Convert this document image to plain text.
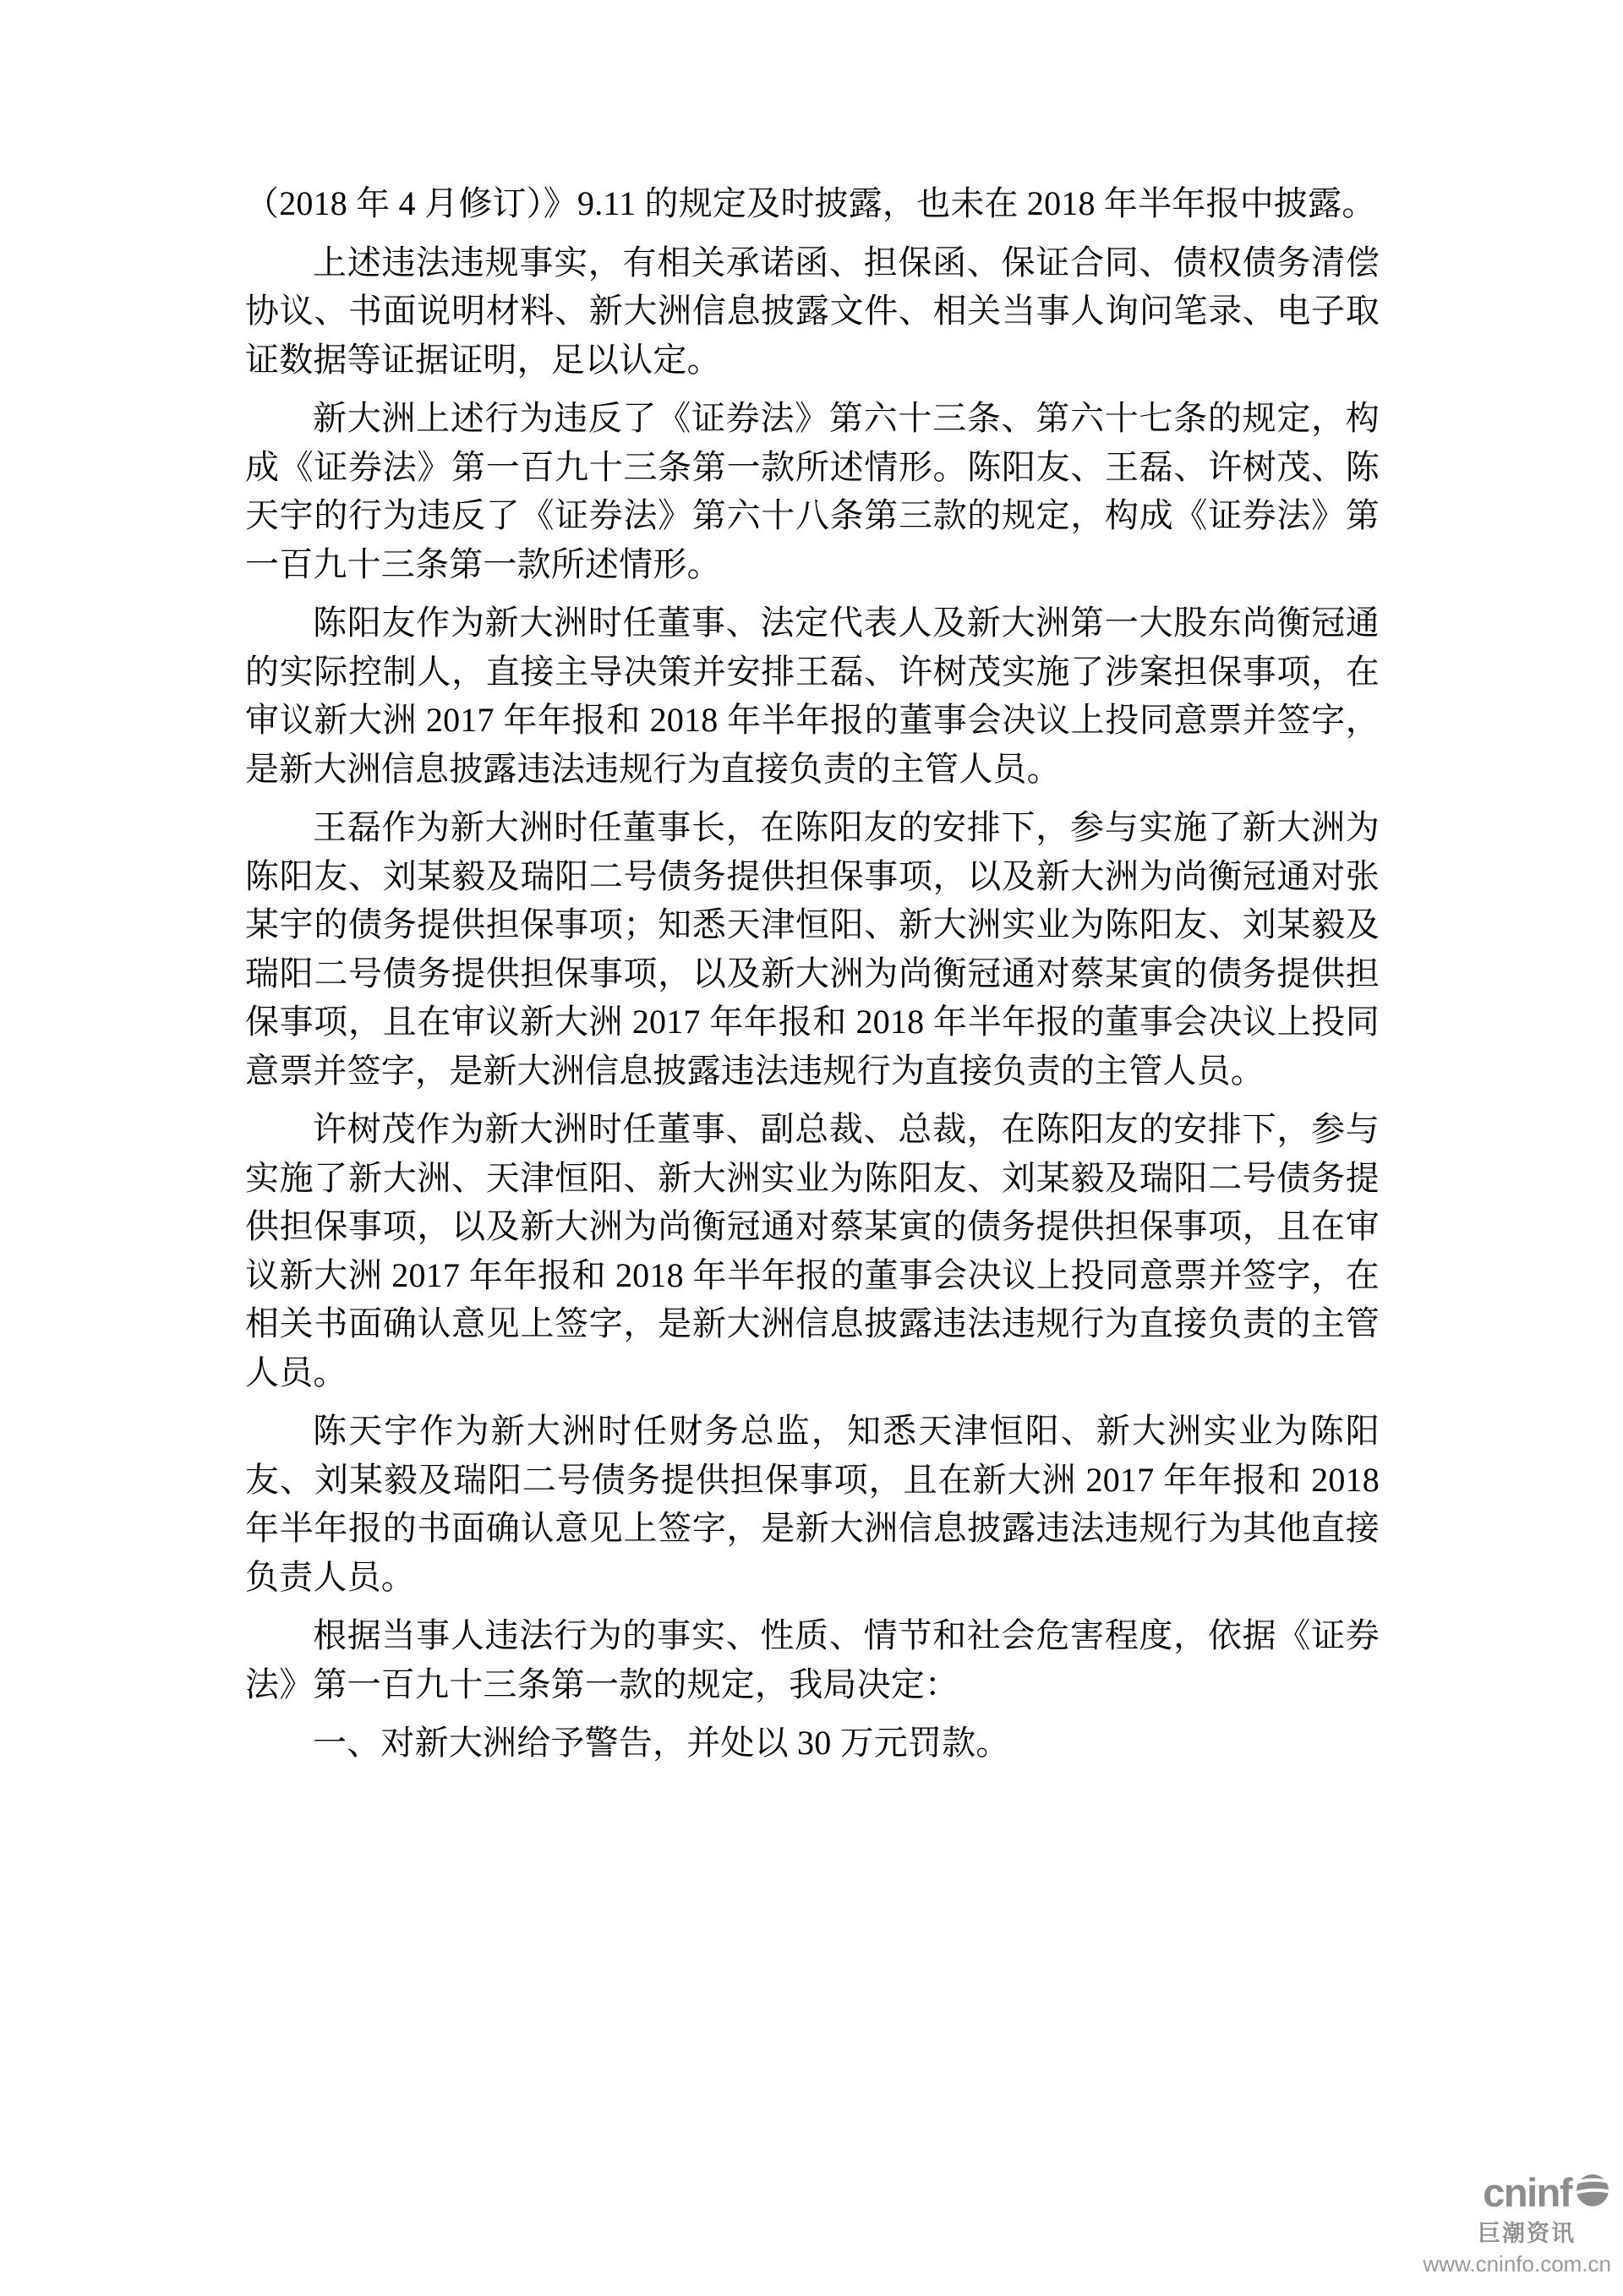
（2018 年 4 月修订）》9.11 的规定及时披露，也未在 2018 年半年报中披露。

上述违法违规事实，有相关承诺函、担保函、保证合同、债权债务清偿协议、书面说明材料、新大洲信息披露文件、相关当事人询问笔录、电子取证数据等证据证明，足以认定。

新大洲上述行为违反了《证券法》第六十三条、第六十七条的规定，构成《证券法》第一百九十三条第一款所述情形。陈阳友、王磊、许树茂、陈天宇的行为违反了《证券法》第六十八条第三款的规定，构成《证券法》第一百九十三条第一款所述情形。

陈阳友作为新大洲时任董事、法定代表人及新大洲第一大股东尚衡冠通的实际控制人，直接主导决策并安排王磊、许树茂实施了涉案担保事项，在审议新大洲 2017 年年报和 2018 年半年报的董事会决议上投同意票并签字，是新大洲信息披露违法违规行为直接负责的主管人员。

王磊作为新大洲时任董事长，在陈阳友的安排下，参与实施了新大洲为陈阳友、刘某毅及瑞阳二号债务提供担保事项，以及新大洲为尚衡冠通对张某宇的债务提供担保事项；知悉天津恒阳、新大洲实业为陈阳友、刘某毅及瑞阳二号债务提供担保事项，以及新大洲为尚衡冠通对蔡某寅的债务提供担保事项，且在审议新大洲 2017 年年报和 2018 年半年报的董事会决议上投同意票并签字，是新大洲信息披露违法违规行为直接负责的主管人员。

许树茂作为新大洲时任董事、副总裁、总裁，在陈阳友的安排下，参与实施了新大洲、天津恒阳、新大洲实业为陈阳友、刘某毅及瑞阳二号债务提供担保事项，以及新大洲为尚衡冠通对蔡某寅的债务提供担保事项，且在审议新大洲 2017 年年报和 2018 年半年报的董事会决议上投同意票并签字，在相关书面确认意见上签字，是新大洲信息披露违法违规行为直接负责的主管人员。

陈天宇作为新大洲时任财务总监，知悉天津恒阳、新大洲实业为陈阳友、刘某毅及瑞阳二号债务提供担保事项，且在新大洲 2017 年年报和 2018 年半年报的书面确认意见上签字，是新大洲信息披露违法违规行为其他直接负责人员。

根据当事人违法行为的事实、性质、情节和社会危害程度，依据《证券法》第一百九十三条第一款的规定，我局决定：

一、对新大洲给予警告，并处以 30 万元罚款。

cninf
巨潮资讯
www.cninfo.com.cn
